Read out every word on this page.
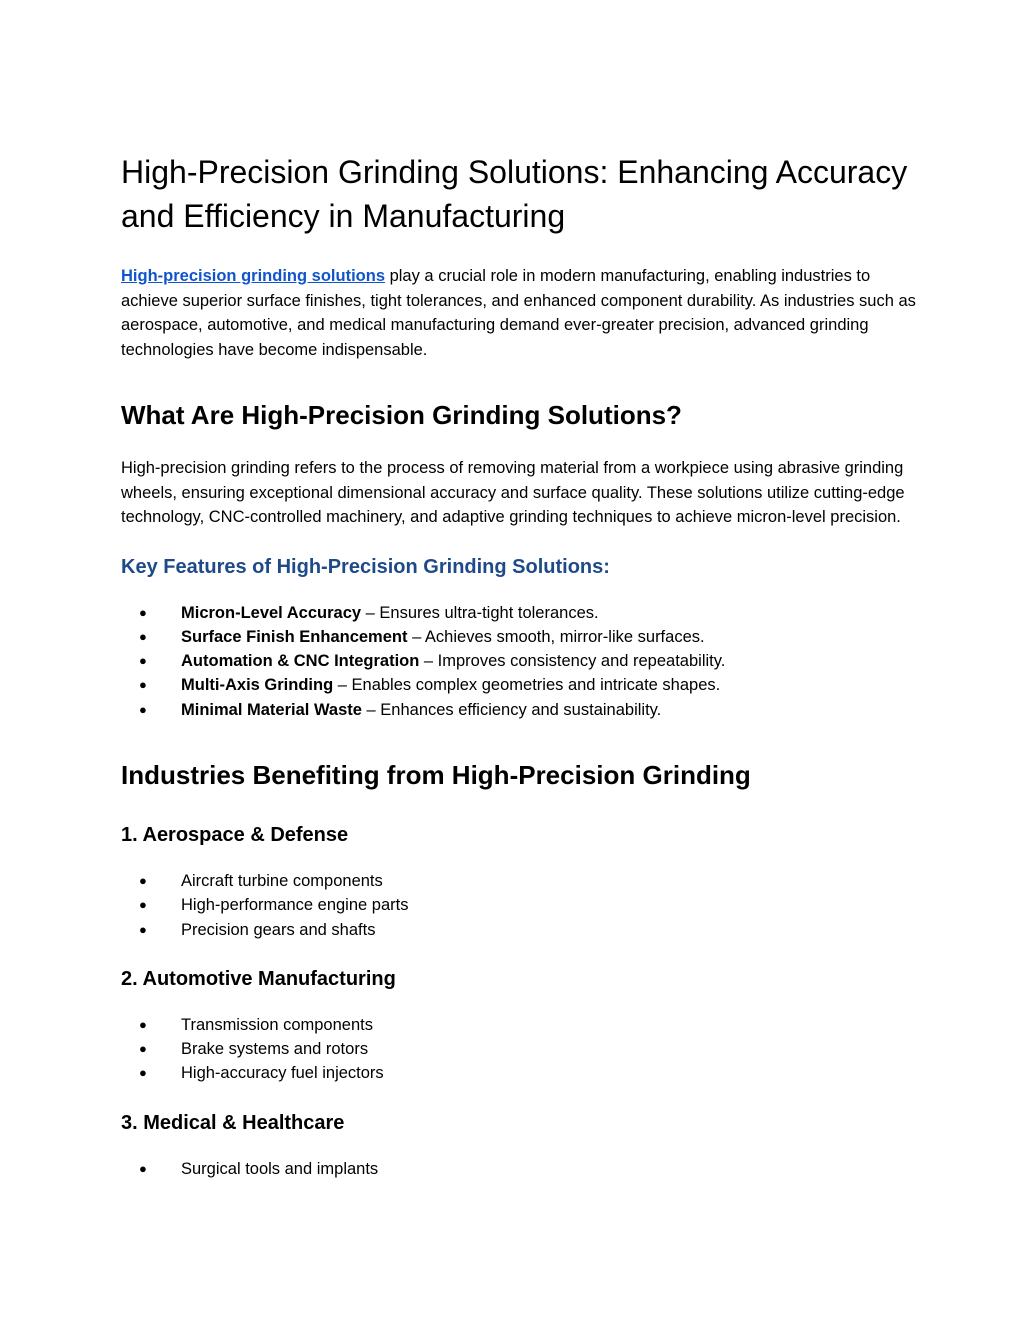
High-Precision Grinding Solutions: Enhancing Accuracy and Efficiency in Manufacturing

High-precision grinding solutions play a crucial role in modern manufacturing, enabling industries to achieve superior surface finishes, tight tolerances, and enhanced component durability. As industries such as aerospace, automotive, and medical manufacturing demand ever-greater precision, advanced grinding technologies have become indispensable.

What Are High-Precision Grinding Solutions?

High-precision grinding refers to the process of removing material from a workpiece using abrasive grinding wheels, ensuring exceptional dimensional accuracy and surface quality. These solutions utilize cutting-edge technology, CNC-controlled machinery, and adaptive grinding techniques to achieve micron-level precision.

Key Features of High-Precision Grinding Solutions:
● Micron-Level Accuracy – Ensures ultra-tight tolerances.
● Surface Finish Enhancement – Achieves smooth, mirror-like surfaces.
● Automation & CNC Integration – Improves consistency and repeatability.
● Multi-Axis Grinding – Enables complex geometries and intricate shapes.
● Minimal Material Waste – Enhances efficiency and sustainability.
Industries Benefiting from High-Precision Grinding
1. Aerospace & Defense
● Aircraft turbine components
● High-performance engine parts
● Precision gears and shafts
2. Automotive Manufacturing
● Transmission components
● Brake systems and rotors
● High-accuracy fuel injectors
3. Medical & Healthcare
● Surgical tools and implants
